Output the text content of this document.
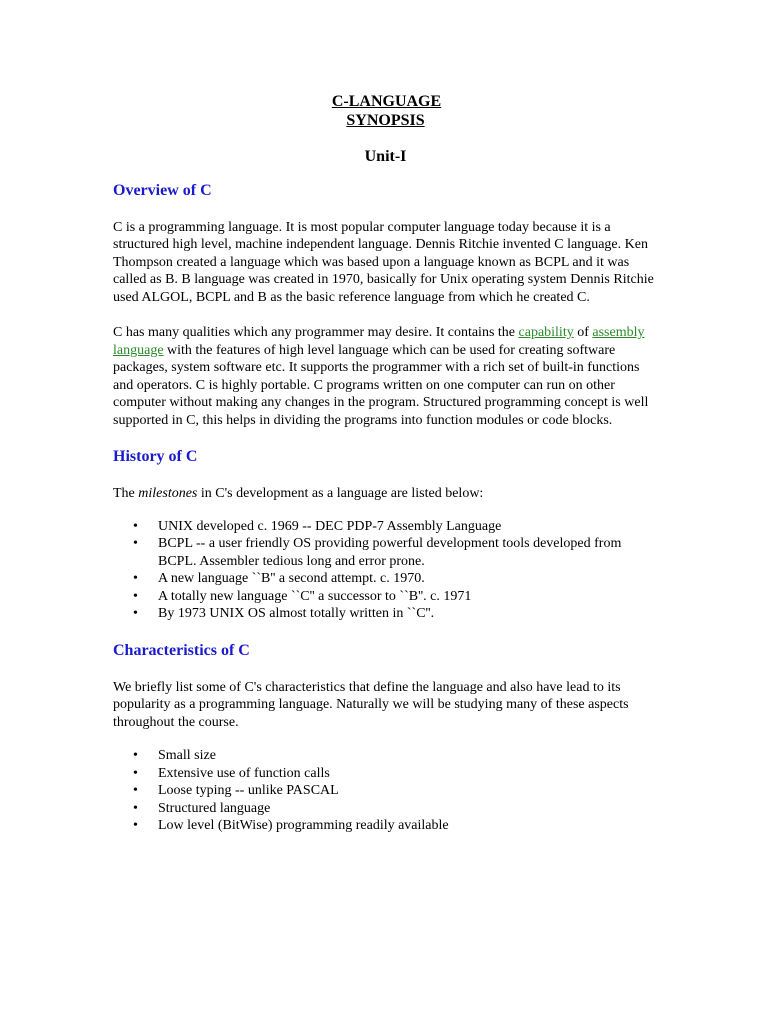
C-LANGUAGE
SYNOPSIS
Unit-I
Overview of C

C is a programming language. It is most popular computer language today because it is a structured high level, machine independent language. Dennis Ritchie invented C language. Ken Thompson created a language which was based upon a language known as BCPL and it was called as B. B language was created in 1970, basically for Unix operating system Dennis Ritchie used ALGOL, BCPL and B as the basic reference language from which he created C.

C has many qualities which any programmer may desire. It contains the capability of assembly language with the features of high level language which can be used for creating software packages, system software etc. It supports the programmer with a rich set of built-in functions and operators. C is highly portable. C programs written on one computer can run on other computer without making any changes in the program. Structured programming concept is well supported in C, this helps in dividing the programs into function modules or code blocks.

History of C

The milestones in C's development as a language are listed below:

• UNIX developed c. 1969 -- DEC PDP-7 Assembly Language
• BCPL -- a user friendly OS providing powerful development tools developed from BCPL. Assembler tedious long and error prone.
• A new language ``B'' a second attempt. c. 1970.
• A totally new language ``C'' a successor to ``B''. c. 1971
• By 1973 UNIX OS almost totally written in ``C''.
Characteristics of C

We briefly list some of C's characteristics that define the language and also have lead to its popularity as a programming language. Naturally we will be studying many of these aspects throughout the course.

• Small size
• Extensive use of function calls
• Loose typing -- unlike PASCAL
• Structured language
• Low level (BitWise) programming readily available
